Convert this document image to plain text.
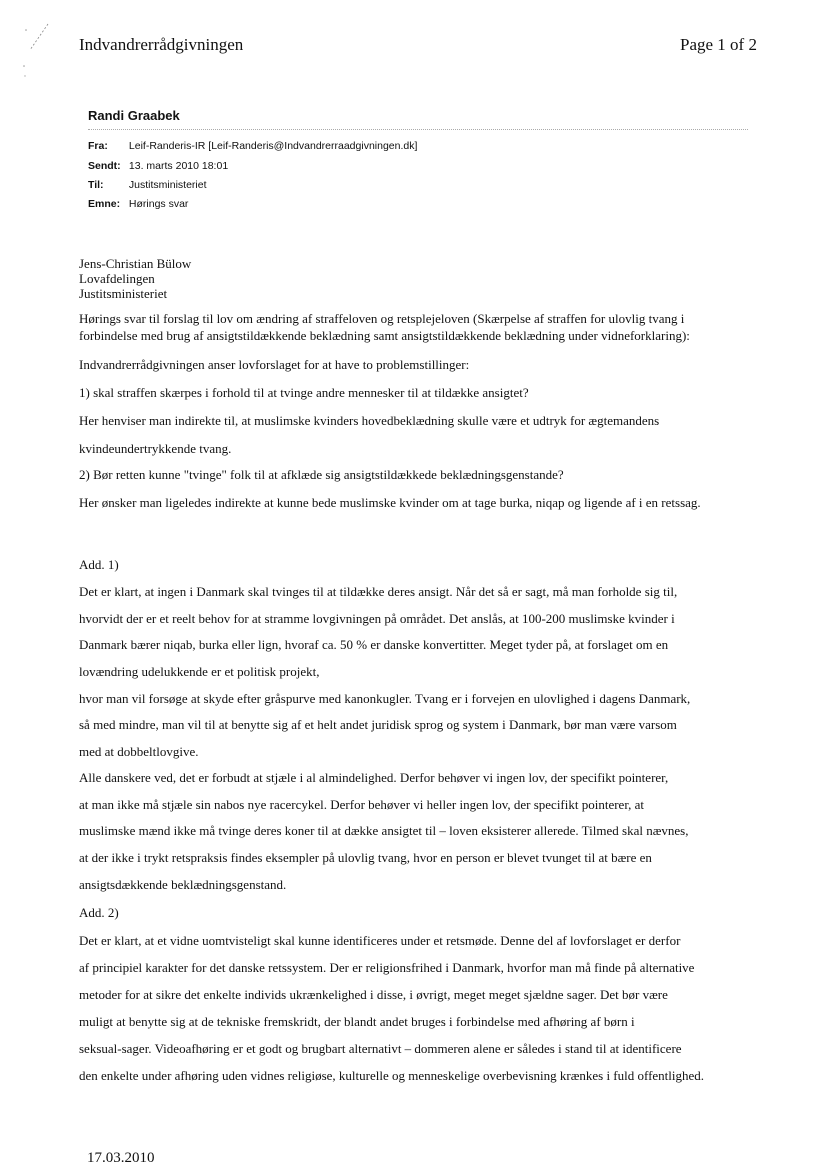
Indvandrerrådgivningen	Page 1 of 2
Randi Graabek
Fra: Leif-Randeris-IR [Leif-Randeris@Indvandrerraadgivningen.dk]
Sendt: 13. marts 2010 18:01
Til: Justitsministeriet
Emne: Hørings svar
Jens-Christian Bülow
Lovafdelingen
Justitsministeriet
Hørings svar til forslag til lov om ændring af straffeloven og retsplejeloven (Skærpelse af straffen for ulovlig tvang i
forbindelse med brug af ansigtstildækkende beklædning samt ansigtstildækkende beklædning under vidneforklaring):
Indvandrerrådgivningen anser lovforslaget for at have to problemstillinger:
1) skal straffen skærpes i forhold til at tvinge andre mennesker til at tildække ansigtet?
Her henviser man indirekte til, at muslimske kvinders hovedbeklædning skulle være et udtryk for ægtemandens
kvindeundertrykkende tvang.
2) Bør retten kunne "tvinge" folk til at afklæde sig ansigtstildækkede beklædningsgenstande?
Her ønsker man ligeledes indirekte at kunne bede muslimske kvinder om at tage burka, niqap og ligende af i en retssag.
Add. 1)
Det er klart, at ingen i Danmark skal tvinges til at tildække deres ansigt. Når det så er sagt, må man forholde sig til,
hvorvidt der er et reelt behov for at stramme lovgivningen på området. Det anslås, at 100-200 muslimske kvinder i
Danmark bærer niqab, burka eller lign, hvoraf ca. 50 % er danske konvertitter. Meget tyder på, at forslaget om en
lovændring udelukkende er et politisk projekt,
hvor man vil forsøge at skyde efter gråspurve med kanonkugler. Tvang er i forvejen en ulovlighed i dagens Danmark,
så med mindre, man vil til at benytte sig af et helt andet juridisk sprog og system i Danmark, bør man være varsom
med at dobbeltlovgive.
Alle danskere ved, det er forbudt at stjæle i al almindelighed. Derfor behøver vi ingen lov, der specifikt pointerer,
at man ikke må stjæle sin nabos nye racercykel. Derfor behøver vi heller ingen lov, der specifikt pointerer, at
muslimske mænd ikke må tvinge deres koner til at dække ansigtet til – loven eksisterer allerede. Tilmed skal nævnes,
at der ikke i trykt retspraksis findes eksempler på ulovlig tvang, hvor en person er blevet tvunget til at bære en
ansigtsdækkende beklædningsgenstand.
Add. 2)
Det er klart, at et vidne uomtvisteligt skal kunne identificeres under et retsmøde. Denne del af lovforslaget er derfor
af principiel karakter for det danske retssystem. Der er religionsfrihed i Danmark, hvorfor man må finde på alternative
metoder for at sikre det enkelte individs ukrænkelighed i disse, i øvrigt, meget meget sjældne sager. Det bør være
muligt at benytte sig at de tekniske fremskridt, der blandt andet bruges i forbindelse med afhøring af børn i
seksual-sager. Videoafhøring er et godt og brugbart alternativt – dommeren alene er således i stand til at identificere
den enkelte under afhøring uden vidnes religiøse, kulturelle og menneskelige overbevisning krænkes i fuld offentlighed.
17.03.2010
